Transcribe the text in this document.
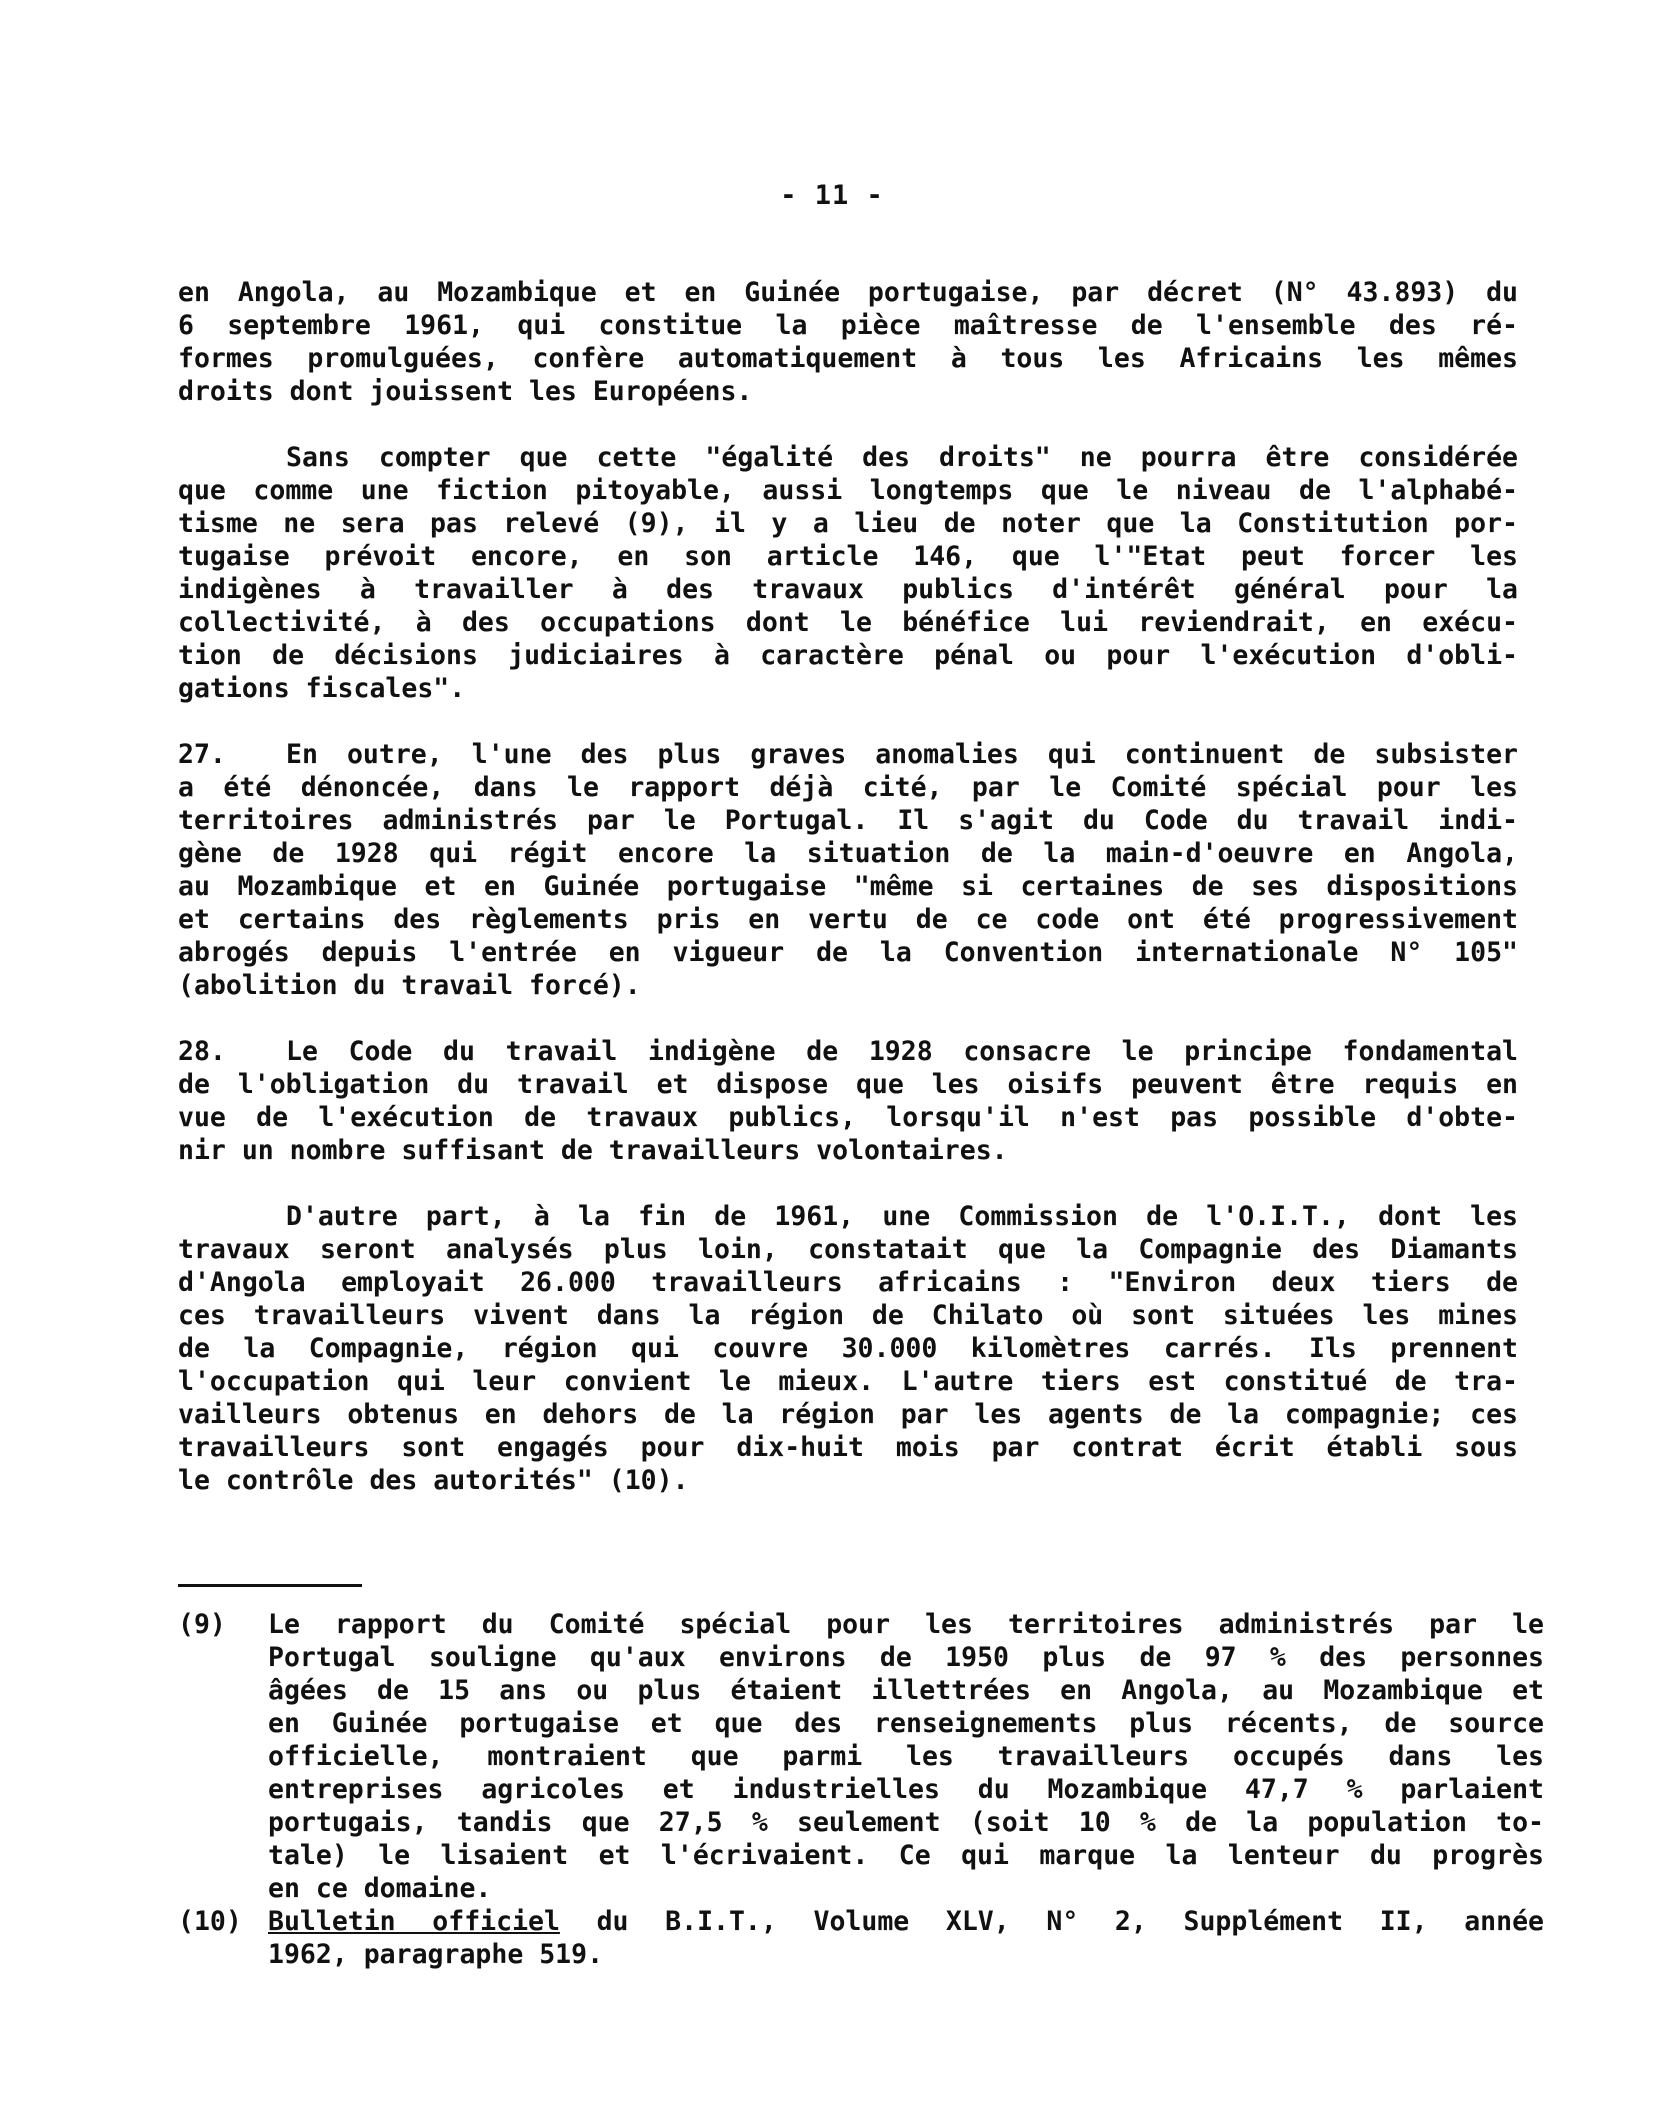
- 11 -

en Angola, au Mozambique et en Guinée portugaise, par décret (N° 43.893) du
6 septembre 1961, qui constitue la pièce maîtresse de l'ensemble des ré-
formes promulguées, confère automatiquement à tous les Africains les mêmes
droits dont jouissent les Européens.

Sans compter que cette "égalité des droits" ne pourra être considérée
que comme une fiction pitoyable, aussi longtemps que le niveau de l'alphabé-
tisme ne sera pas relevé (9), il y a lieu de noter que la Constitution por-
tugaise prévoit encore, en son article 146, que l'"Etat peut forcer les
indigènes à travailler à des travaux publics d'intérêt général pour la
collectivité, à des occupations dont le bénéfice lui reviendrait, en exécu-
tion de décisions judiciaires à caractère pénal ou pour l'exécution d'obli-
gations fiscales".

27. En outre, l'une des plus graves anomalies qui continuent de subsister
a été dénoncée, dans le rapport déjà cité, par le Comité spécial pour les
territoires administrés par le Portugal. Il s'agit du Code du travail indi-
gène de 1928 qui régit encore la situation de la main-d'oeuvre en Angola,
au Mozambique et en Guinée portugaise "même si certaines de ses dispositions
et certains des règlements pris en vertu de ce code ont été progressivement
abrogés depuis l'entrée en vigueur de la Convention internationale N° 105"
(abolition du travail forcé).

28. Le Code du travail indigène de 1928 consacre le principe fondamental
de l'obligation du travail et dispose que les oisifs peuvent être requis en
vue de l'exécution de travaux publics, lorsqu'il n'est pas possible d'obte-
nir un nombre suffisant de travailleurs volontaires.

D'autre part, à la fin de 1961, une Commission de l'O.I.T., dont les
travaux seront analysés plus loin, constatait que la Compagnie des Diamants
d'Angola employait 26.000 travailleurs africains : "Environ deux tiers de
ces travailleurs vivent dans la région de Chilato où sont situées les mines
de la Compagnie, région qui couvre 30.000 kilomètres carrés. Ils prennent
l'occupation qui leur convient le mieux. L'autre tiers est constitué de tra-
vailleurs obtenus en dehors de la région par les agents de la compagnie; ces
travailleurs sont engagés pour dix-huit mois par contrat écrit établi sous
le contrôle des autorités" (10).

(9)	Le rapport du Comité spécial pour les territoires administrés par le
Portugal souligne qu'aux environs de 1950 plus de 97 % des personnes
âgées de 15 ans ou plus étaient illettrées en Angola, au Mozambique et
en Guinée portugaise et que des renseignements plus récents, de source
officielle, montraient que parmi les travailleurs occupés dans les
entreprises agricoles et industrielles du Mozambique 47,7 % parlaient
portugais, tandis que 27,5 % seulement (soit 10 % de la population to-
tale) le lisaient et l'écrivaient. Ce qui marque la lenteur du progrès
en ce domaine.
(10) Bulletin officiel du B.I.T., Volume XLV, N° 2, Supplément II, année
1962, paragraphe 519.
